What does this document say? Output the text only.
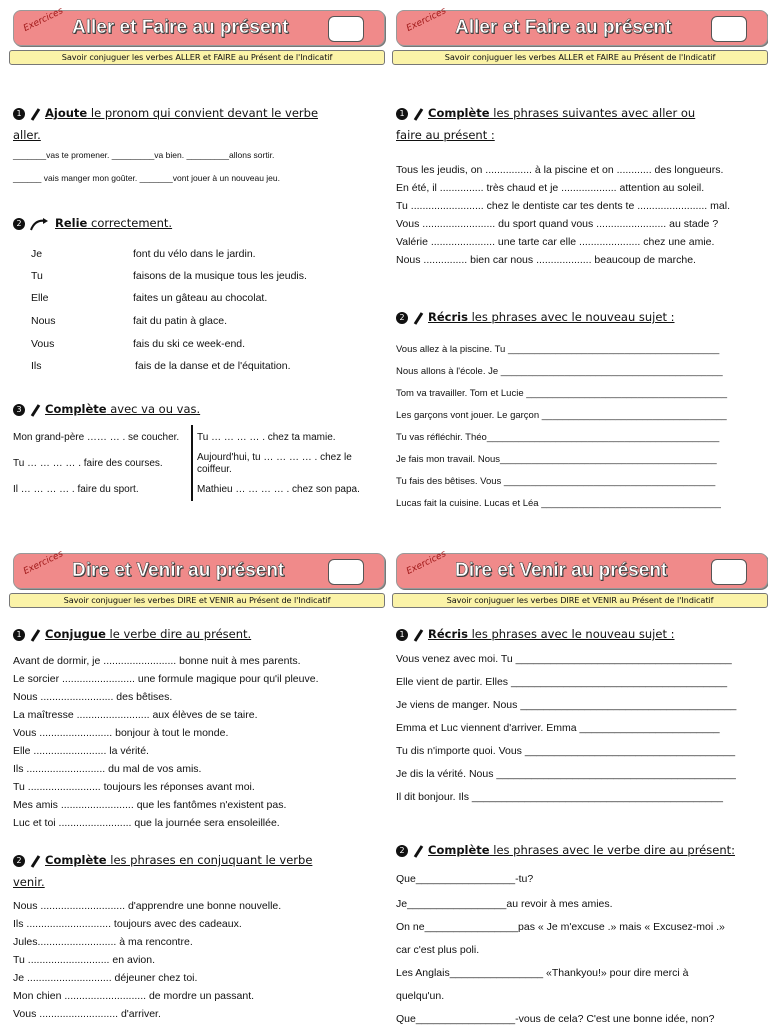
Exercices Aller et Faire au présent
Savoir conjuguer les verbes ALLER et FAIRE au Présent de l'Indicatif
1 Ajoute le pronom qui convient devant le verbe
aller.
_______vas te promener. _________va bien. _________allons sortir.
______ vais manger mon goûter. _______vont jouer à un nouveau jeu.
2	Relie correctement.
Je
Tu
Elle
Nous
Vous
Ils
font du vélo dans le jardin.
faisons de la musique tous les jeudis.
faites un gâteau au chocolat.
fait du patin à glace.
fais du ski ce week-end.
fais de la danse et de l'équitation.
3 Complète avec va ou vas.
Mon grand-père …… … . se coucher.
Tu … … … … . faire des courses.
Il … … … … . faire du sport.
Tu … … … … . chez ta mamie.
Aujourd'hui, tu … … … … . chez le coiffeur.
Mathieu … … … … . chez son papa.
Exercices Aller et Faire au présent
Savoir conjuguer les verbes ALLER et FAIRE au Présent de l'Indicatif
1 Complète les phrases suivantes avec aller ou
faire au présent :
Tous les jeudis, on ................ à la piscine et on ............ des longueurs.
En été, il ............... très chaud et je ................... attention au soleil.
Tu ......................... chez le dentiste car tes dents te ........................ mal.
Vous ......................... du sport quand vous ........................ au stade ?
Valérie ...................... une tarte car elle ..................... chez une amie.
Nous ............... bien car nous ................... beaucoup de marche.
2 Récris les phrases avec le nouveau sujet :
Vous allez à la piscine. Tu ________________________________________
Nous allons à l'école. Je __________________________________________
Tom va travailler. Tom et Lucie ______________________________________
Les garçons vont jouer. Le garçon ___________________________________
Tu vas réfléchir. Théo____________________________________________
Je fais mon travail. Nous_________________________________________
Tu fais des bêtises. Vous ________________________________________
Lucas fait la cuisine. Lucas et Léa __________________________________
Exercices Dire et Venir au présent
Savoir conjuguer les verbes DIRE et VENIR au Présent de l'Indicatif
1 Conjugue le verbe dire au présent.
Avant de dormir, je ......................... bonne nuit à mes parents.
Le sorcier ......................... une formule magique pour qu'il pleuve.
Nous ......................... des bêtises.
La maîtresse ......................... aux élèves de se taire.
Vous ......................... bonjour à tout le monde.
Elle ......................... la vérité.
Ils ........................... du mal de vos amis.
Tu ......................... toujours les réponses avant moi.
Mes amis ......................... que les fantômes n'existent pas.
Luc et toi ......................... que la journée sera ensoleillée.
2 Complète les phrases en conjuquant le verbe
venir.
Nous ............................. d'apprendre une bonne nouvelle.
Ils ............................. toujours avec des cadeaux.
Jules........................... à ma rencontre.
Tu ............................ en avion.
Je ............................. déjeuner chez toi.
Mon chien ............................ de mordre un passant.
Vous ........................... d'arriver.
Exercices Dire et Venir au présent
Savoir conjuguer les verbes DIRE et VENIR au Présent de l'Indicatif
1 Récris les phrases avec le nouveau sujet :
Vous venez avec moi. Tu _____________________________________
Elle vient de partir. Elles _____________________________________
Je viens de manger. Nous _____________________________________
Emma et Luc viennent d'arriver. Emma ________________________
Tu dis n'importe quoi. Vous ____________________________________
Je dis la vérité. Nous _________________________________________
Il dit bonjour. Ils ___________________________________________
2 Complète les phrases avec le verbe dire au présent:
Que_________________-tu?
Je_________________au revoir à mes amies.
On ne________________pas « Je m'excuse .» mais « Excusez-moi .»
car c'est plus poli.
Les Anglais________________ «Thankyou!» pour dire merci à
quelqu'un.
Que_________________-vous de cela? C'est une bonne idée, non?
